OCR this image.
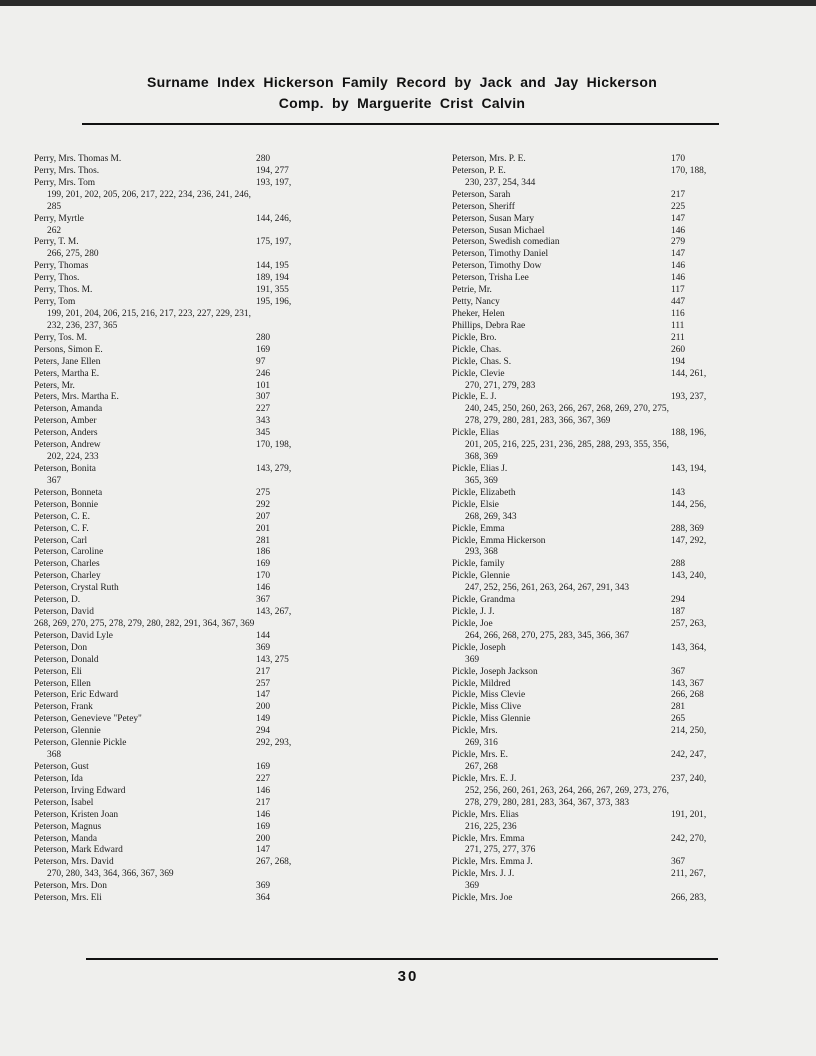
Surname Index Hickerson Family Record by Jack and Jay Hickerson
Comp. by Marguerite Crist Calvin
Perry, Mrs. Thomas M.	280
Perry, Mrs. Thos.	194, 277
Perry, Mrs. Tom	193, 197,
199, 201, 202, 205, 206, 217, 222, 234, 236, 241, 246,
285
Perry, Myrtle	144, 246,
262
Perry, T. M.	175, 197,
266, 275, 280
Perry, Thomas	144, 195
Perry, Thos.	189, 194
Perry, Thos. M.	191, 355
Perry, Tom	195, 196,
199, 201, 204, 206, 215, 216, 217, 223, 227, 229, 231,
232, 236, 237, 365
Perry, Tos. M.	280
Persons, Simon E.	169
Peters, Jane Ellen	97
Peters, Martha E.	246
Peters, Mr.	101
Peters, Mrs. Martha E.	307
Peterson, Amanda	227
Peterson, Amber	343
Peterson, Anders	345
Peterson, Andrew	170, 198,
202, 224, 233
Peterson, Bonita	143, 279,
367
Peterson, Bonneta	275
Peterson, Bonnie	292
Peterson, C. E.	207
Peterson, C. F.	201
Peterson, Carl	281
Peterson, Caroline	186
Peterson, Charles	169
Peterson, Charley	170
Peterson, Crystal Ruth	146
Peterson, D.	367
Peterson, David	143, 267,
268, 269, 270, 275, 278, 279, 280, 282, 291, 364, 367, 369
Peterson, David Lyle	144
Peterson, Don	369
Peterson, Donald	143, 275
Peterson, Eli	217
Peterson, Ellen	257
Peterson, Eric Edward	147
Peterson, Frank	200
Peterson, Genevieve "Petey"	149
Peterson, Glennie	294
Peterson, Glennie Pickle	292, 293,
368
Peterson, Gust	169
Peterson, Ida	227
Peterson, Irving Edward	146
Peterson, Isabel	217
Peterson, Kristen Joan	146
Peterson, Magnus	169
Peterson, Manda	200
Peterson, Mark Edward	147
Peterson, Mrs. David	267, 268,
270, 280, 343, 364, 366, 367, 369
Peterson, Mrs. Don	369
Peterson, Mrs. Eli	364
Peterson, Mrs. P. E.	170
Peterson, P. E.	170, 188,
230, 237, 254, 344
Peterson, Sarah	217
Peterson, Sheriff	225
Peterson, Susan Mary	147
Peterson, Susan Michael	146
Peterson, Swedish comedian	279
Peterson, Timothy Daniel	147
Peterson, Timothy Dow	146
Peterson, Trisha Lee	146
Petrie, Mr.	117
Petty, Nancy	447
Pheker, Helen	116
Phillips, Debra Rae	111
Pickle, Bro.	211
Pickle, Chas.	260
Pickle, Chas. S.	194
Pickle, Clevie	144, 261,
270, 271, 279, 283
Pickle, E. J.	193, 237,
240, 245, 250, 260, 263, 266, 267, 268, 269, 270, 275,
278, 279, 280, 281, 283, 366, 367, 369
Pickle, Elias	188, 196,
201, 205, 216, 225, 231, 236, 285, 288, 293, 355, 356,
368, 369
Pickle, Elias J.	143, 194,
365, 369
Pickle, Elizabeth	143
Pickle, Elsie	144, 256,
268, 269, 343
Pickle, Emma	288, 369
Pickle, Emma Hickerson	147, 292,
293, 368
Pickle, family	288
Pickle, Glennie	143, 240,
247, 252, 256, 261, 263, 264, 267, 291, 343
Pickle, Grandma	294
Pickle, J. J.	187
Pickle, Joe	257, 263,
264, 266, 268, 270, 275, 283, 345, 366, 367
Pickle, Joseph	143, 364,
369
Pickle, Joseph Jackson	367
Pickle, Mildred	143, 367
Pickle, Miss Clevie	266, 268
Pickle, Miss Clive	281
Pickle, Miss Glennie	265
Pickle, Mrs.	214, 250,
269, 316
Pickle, Mrs. E.	242, 247,
267, 268
Pickle, Mrs. E. J.	237, 240,
252, 256, 260, 261, 263, 264, 266, 267, 269, 273, 276,
278, 279, 280, 281, 283, 364, 367, 373, 383
Pickle, Mrs. Elias	191, 201,
216, 225, 236
Pickle, Mrs. Emma	242, 270,
271, 275, 277, 376
Pickle, Mrs. Emma J.	367
Pickle, Mrs. J. J.	211, 267,
369
Pickle, Mrs. Joe	266, 283,
30
